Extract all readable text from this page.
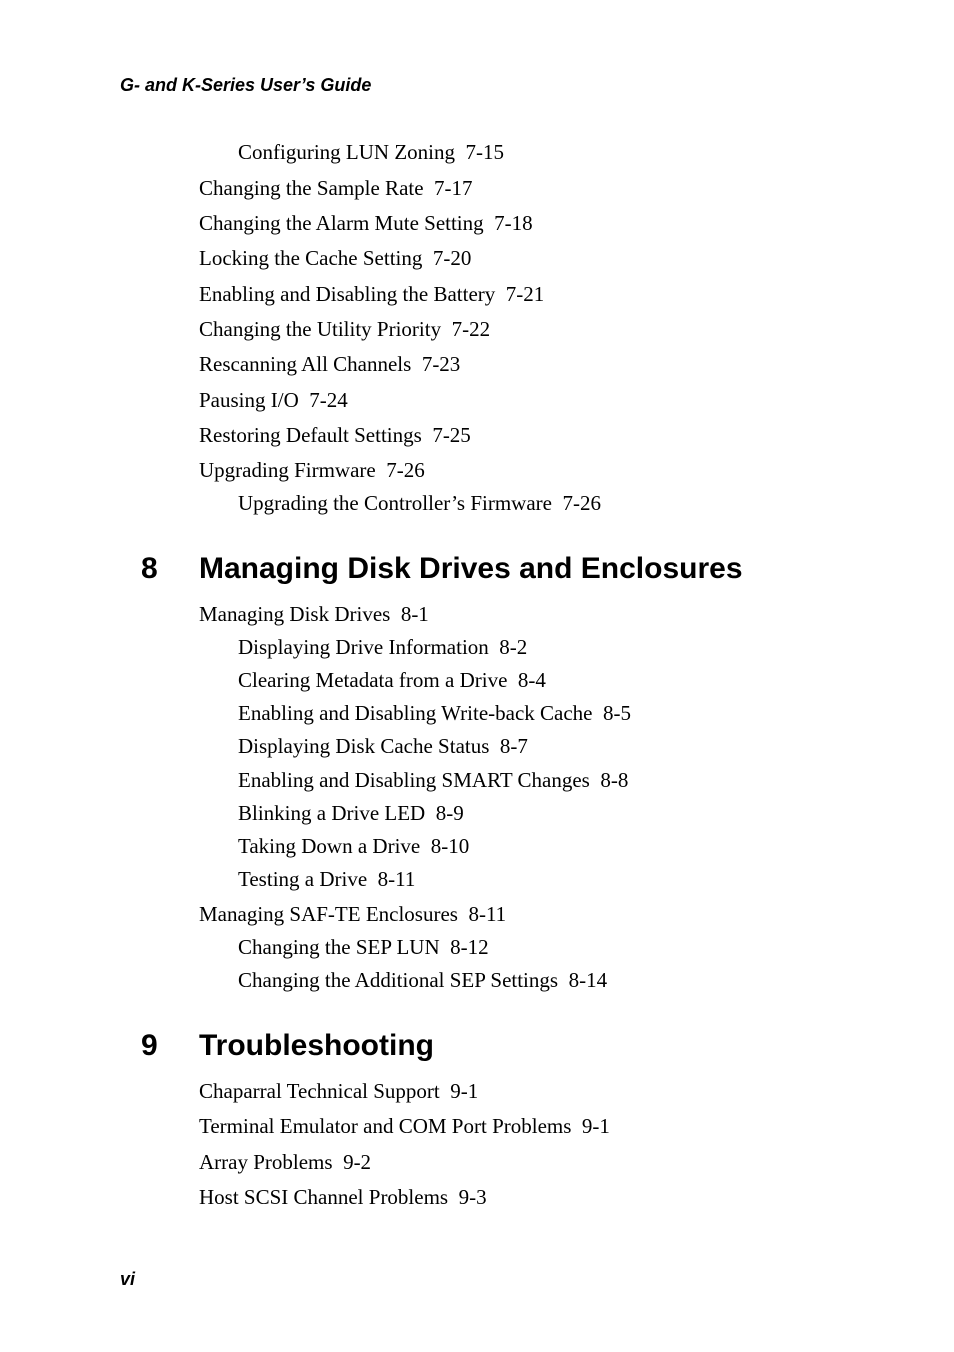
G- and K-Series User’s Guide
Configuring LUN Zoning 7-15
Changing the Sample Rate 7-17
Changing the Alarm Mute Setting 7-18
Locking the Cache Setting 7-20
Enabling and Disabling the Battery 7-21
Changing the Utility Priority 7-22
Rescanning All Channels 7-23
Pausing I/O 7-24
Restoring Default Settings 7-25
Upgrading Firmware 7-26
Upgrading the Controller’s Firmware 7-26
8 Managing Disk Drives and Enclosures
Managing Disk Drives 8-1
Displaying Drive Information 8-2
Clearing Metadata from a Drive 8-4
Enabling and Disabling Write-back Cache 8-5
Displaying Disk Cache Status 8-7
Enabling and Disabling SMART Changes 8-8
Blinking a Drive LED 8-9
Taking Down a Drive 8-10
Testing a Drive 8-11
Managing SAF-TE Enclosures 8-11
Changing the SEP LUN 8-12
Changing the Additional SEP Settings 8-14
9 Troubleshooting
Chaparral Technical Support 9-1
Terminal Emulator and COM Port Problems 9-1
Array Problems 9-2
Host SCSI Channel Problems 9-3
vi
